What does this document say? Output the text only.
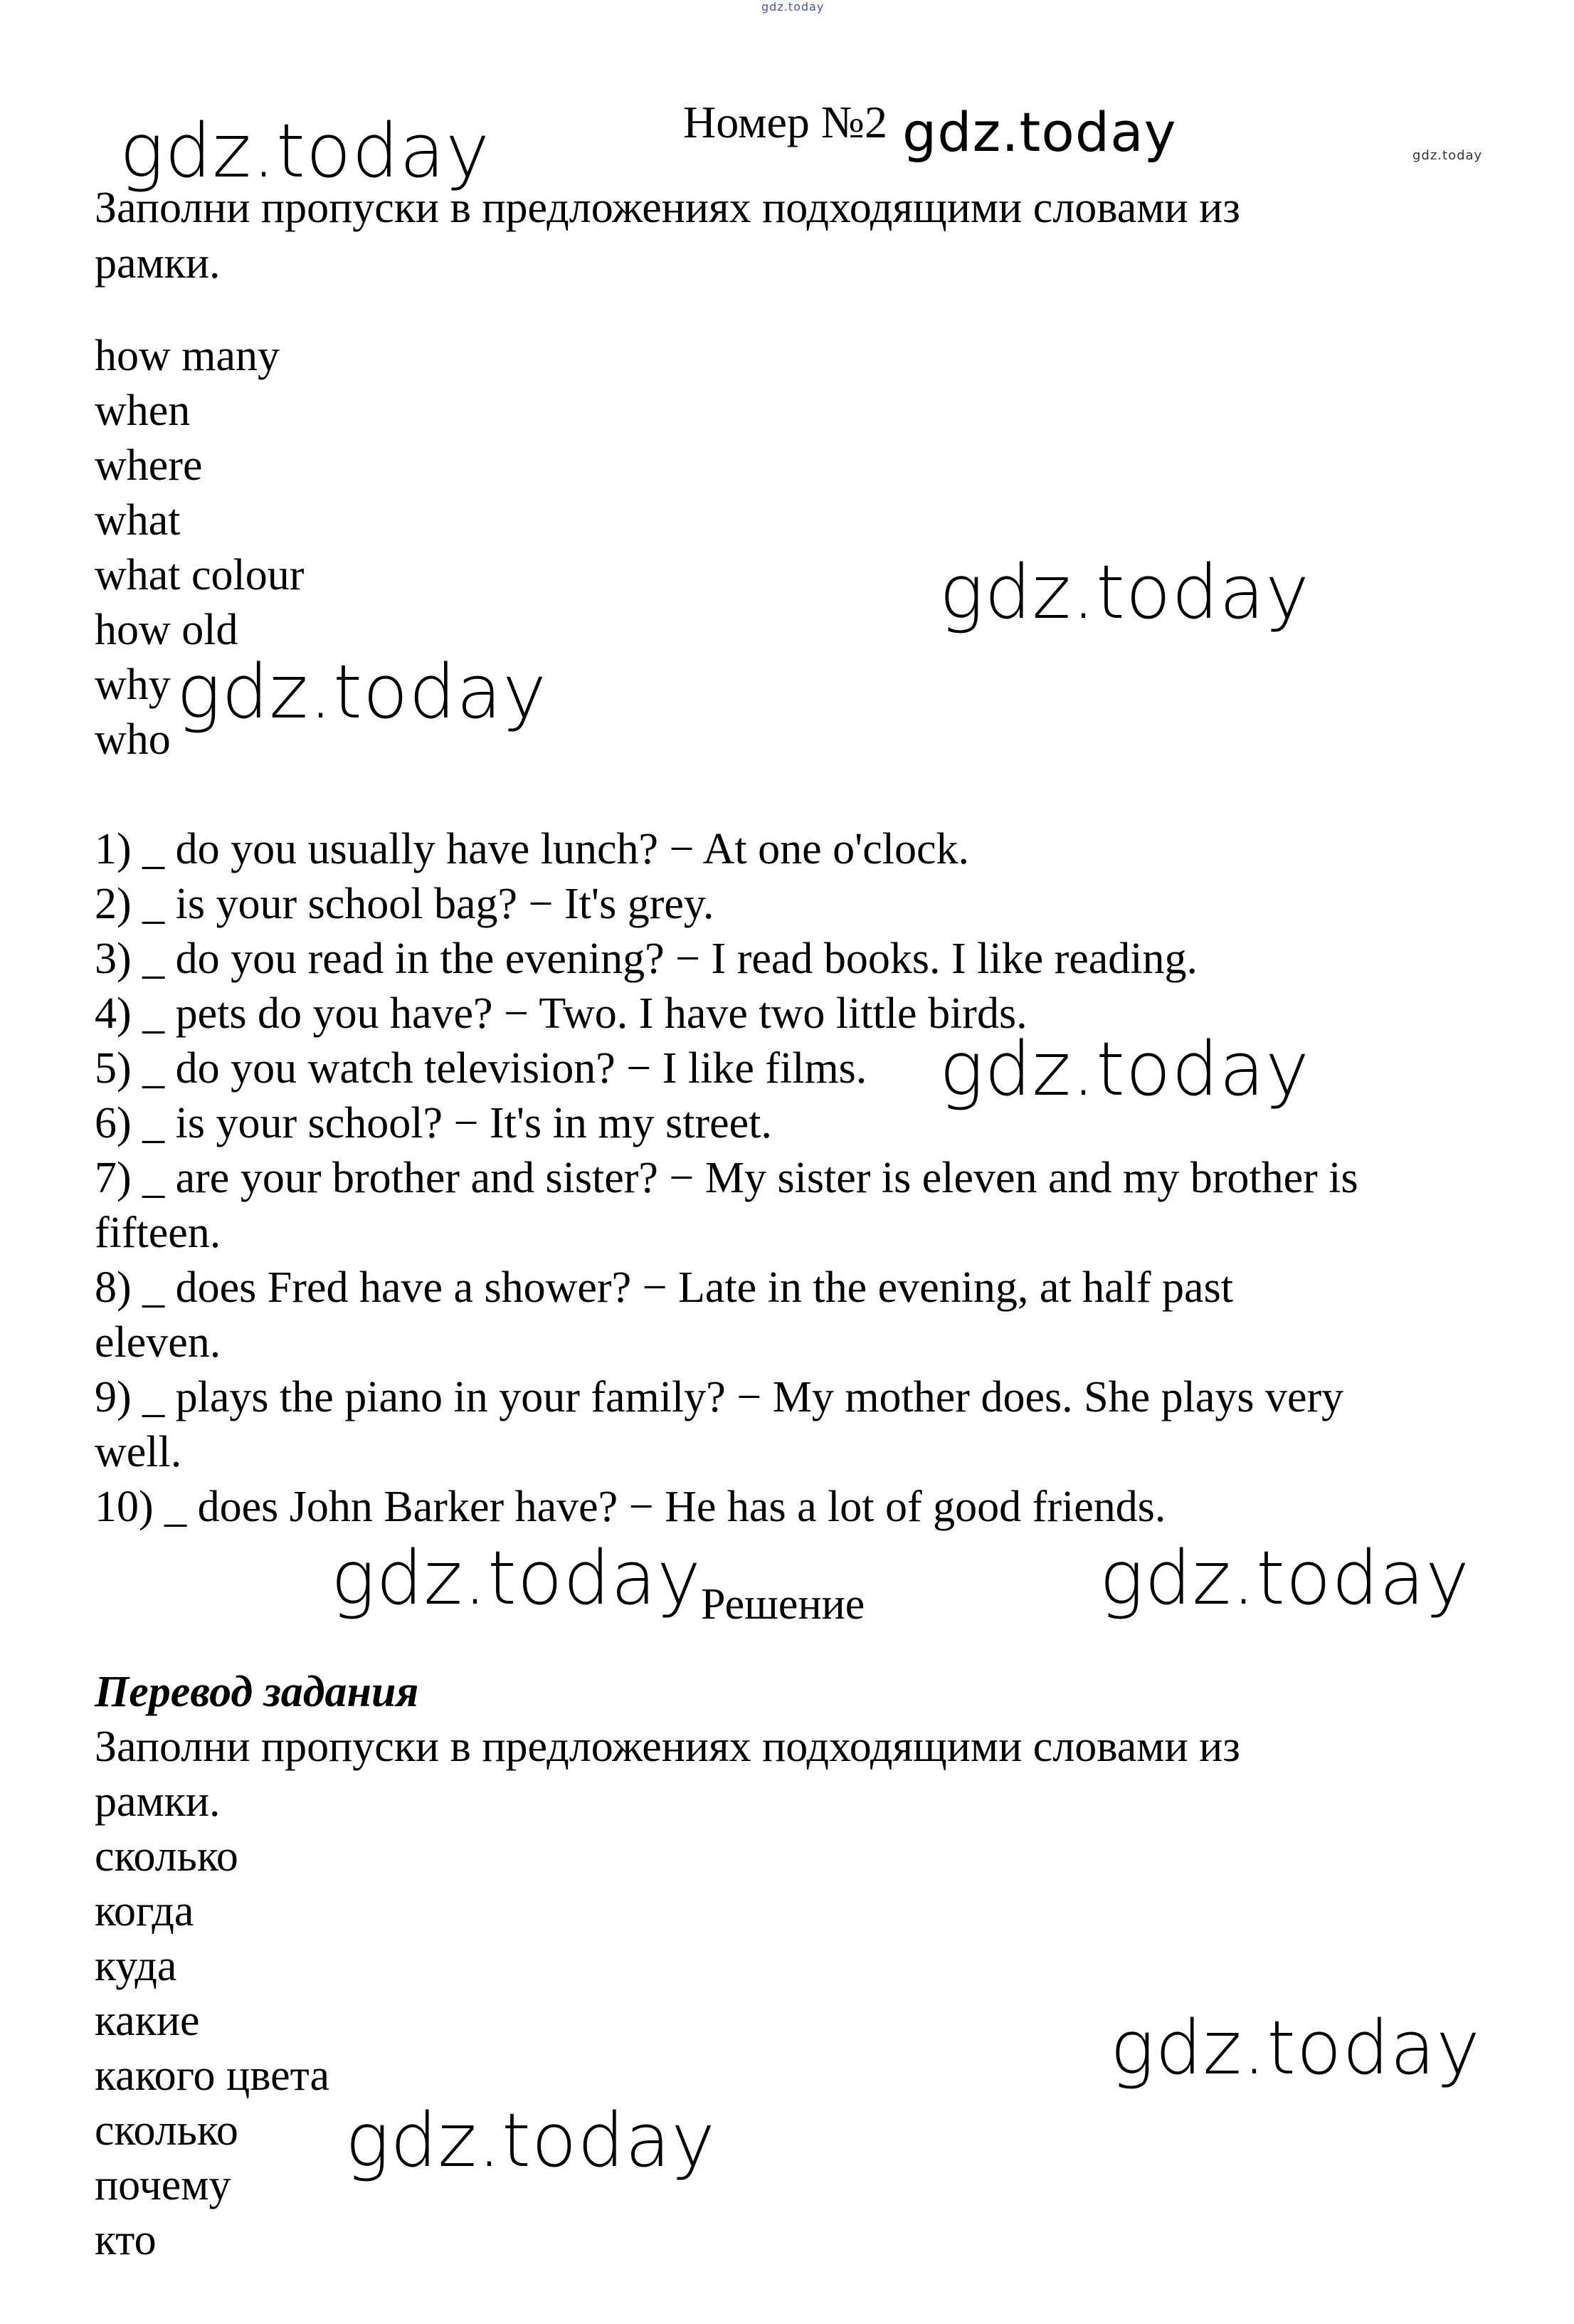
gdz.today
gdz.today	gdz.today	gdz.today
gdz.today
gdz.today
gdz.today
gdz.today	gdz.today
gdz.today
gdz.today
Номер №2
Заполни пропуски в предложениях подходящими словами из
рамки.
how many
when
where
what
what colour
how old
why
who
1) _ do you usually have lunch? − At one o'clock.
2) _ is your school bag? − It's grey.
3) _ do you read in the evening? − I read books. I like reading.
4) _ pets do you have? − Two. I have two little birds.
5) _ do you watch television? − I like films.
6) _ is your school? − It's in my street.
7) _ are your brother and sister? − My sister is eleven and my brother is
fifteen.
8) _ does Fred have a shower? − Late in the evening, at half past
eleven.
9) _ plays the piano in your family? − My mother does. She plays very
well.
10) _ does John Barker have? − He has a lot of good friends.
Решение
Перевод задания
Заполни пропуски в предложениях подходящими словами из
рамки.
сколько
когда
куда
какие
какого цвета
сколько
почему
кто
